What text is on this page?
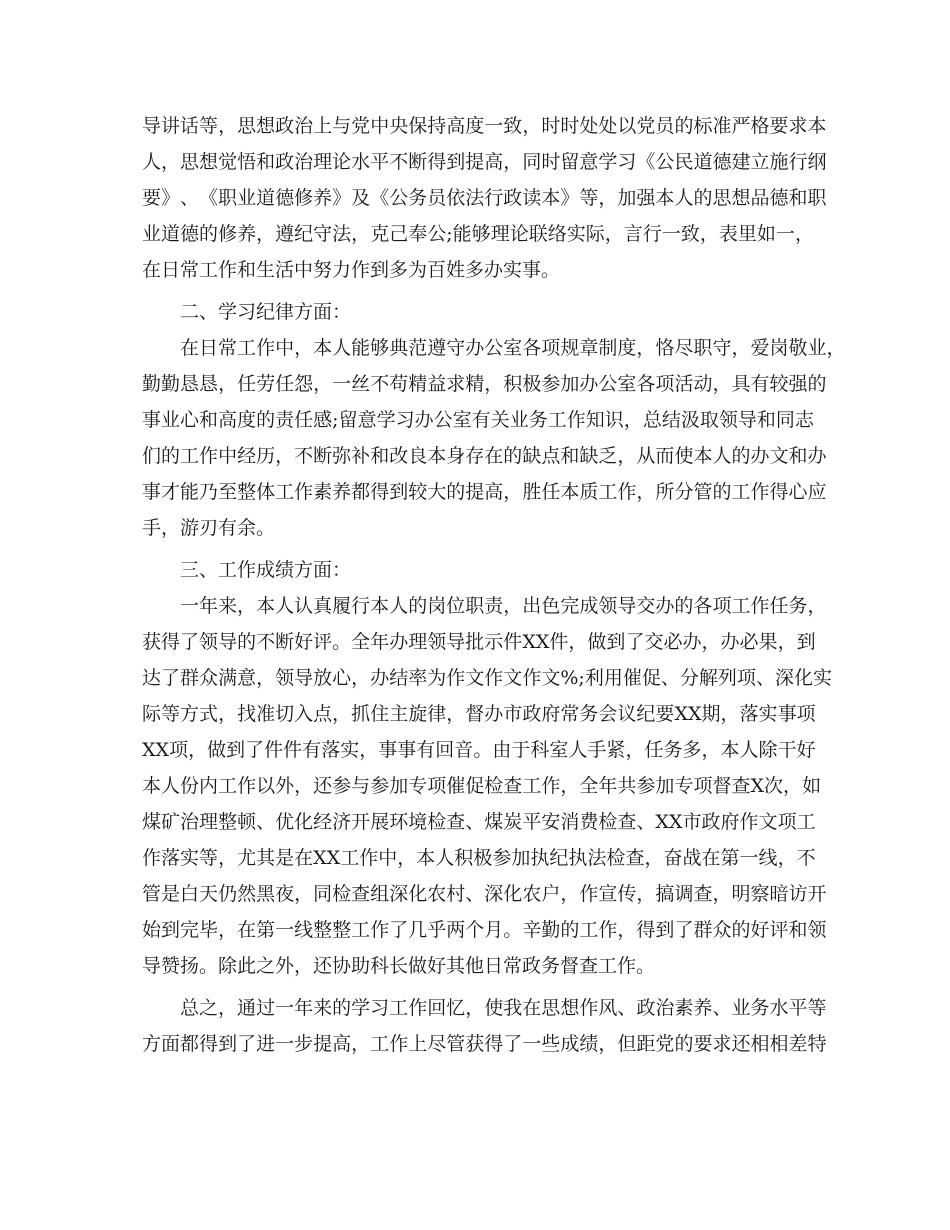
导 讲 话 等 ， 思 想 政 治 上 与 党 中 央 保 持 高 度 一 致 ， 时 时 处 处 以 党 员 的 标 准 严 格 要 求 本
人 ， 思 想 觉 悟 和 政 治 理 论 水 平 不 断 得 到 提 高 ， 同 时 留 意 学 习 《 公 民 道 德 建 立 施 行 纲
要 》 、 《 职 业 道 德 修 养 》 及 《 公 务 员 依 法 行 政 读 本 》 等 ， 加 强 本 人 的 思 想 品 德 和 职
业 道 德 的 修 养 ， 遵 纪 守 法 ， 克 己 奉 公 ; 能 够 理 论 联 络 实 际 ， 言 行 一 致 ， 表 里 如 一 ，
在日常工作和生活中努力作到多为百姓多办实事。
二、学习纪律方面：
在 日 常 工 作 中 ， 本 人 能 够 典 范 遵 守 办 公 室 各 项 规 章 制 度 ， 恪 尽 职 守 ， 爱 岗 敬 业 ，
勤 勤 恳 恳 ， 任 劳 任 怨 ， 一 丝 不 苟 精 益 求 精 ， 积 极 参 加 办 公 室 各 项 活 动 ， 具 有 较 强 的
事 业 心 和 高 度 的 责 任 感 ; 留 意 学 习 办 公 室 有 关 业 务 工 作 知 识 ， 总 结 汲 取 领 导 和 同 志
们 的 工 作 中 经 历 ， 不 断 弥 补 和 改 良 本 身 存 在 的 缺 点 和 缺 乏 ， 从 而 使 本 人 的 办 文 和 办
事 才 能 乃 至 整 体 工 作 素 养 都 得 到 较 大 的 提 高 ， 胜 任 本 质 工 作 ， 所 分 管 的 工 作 得 心 应
手，游刃有余。
三、工作成绩方面：
一 年 来 ， 本 人 认 真 履 行 本 人 的 岗 位 职 责 ， 出 色 完 成 领 导 交 办 的 各 项 工 作 任 务 ，
获 得 了 领 导 的 不 断 好 评 。 全 年 办 理 领 导 批 示 件 XX 件 ， 做 到 了 交 必 办 ， 办 必 果 ， 到
达 了 群 众 满 意 ， 领 导 放 心 ， 办 结 率 为 作 文 作 文 作 文 % ; 利 用 催 促 、 分 解 列 项 、 深 化 实
际 等 方 式 ， 找 准 切 入 点 ， 抓 住 主 旋 律 ， 督 办 市 政 府 常 务 会 议 纪 要 XX 期 ， 落 实 事 项
XX 项 ， 做 到 了 件 件 有 落 实 ， 事 事 有 回 音 。 由 于 科 室 人 手 紧 ， 任 务 多 ， 本 人 除 干 好
本 人 份 内 工 作 以 外 ， 还 参 与 参 加 专 项 催 促 检 查 工 作 ， 全 年 共 参 加 专 项 督 查 X 次 ， 如
煤 矿 治 理 整 顿 、 优 化 经 济 开 展 环 境 检 查 、 煤 炭 平 安 消 费 检 查 、 XX 市 政 府 作 文 项 工
作 落 实 等 ， 尤 其 是 在 XX 工 作 中 ， 本 人 积 极 参 加 执 纪 执 法 检 查 ， 奋 战 在 第 一 线 ， 不
管 是 白 天 仍 然 黑 夜 ， 同 检 查 组 深 化 农 村 、 深 化 农 户 ， 作 宣 传 ， 搞 调 查 ， 明 察 暗 访 开
始 到 完 毕 ， 在 第 一 线 整 整 工 作 了 几 乎 两 个 月 。 辛 勤 的 工 作 ， 得 到 了 群 众 的 好 评 和 领
导赞扬。除此之外，还协助科长做好其他日常政务督查工作。
总 之 ， 通 过 一 年 来 的 学 习 工 作 回 忆 ， 使 我 在 思 想 作 风 、 政 治 素 养 、 业 务 水 平 等
方 面 都 得 到 了 进 一 步 提 高 ， 工 作 上 尽 管 获 得 了 一 些 成 绩 ， 但 距 党 的 要 求 还 相 相 差 特
